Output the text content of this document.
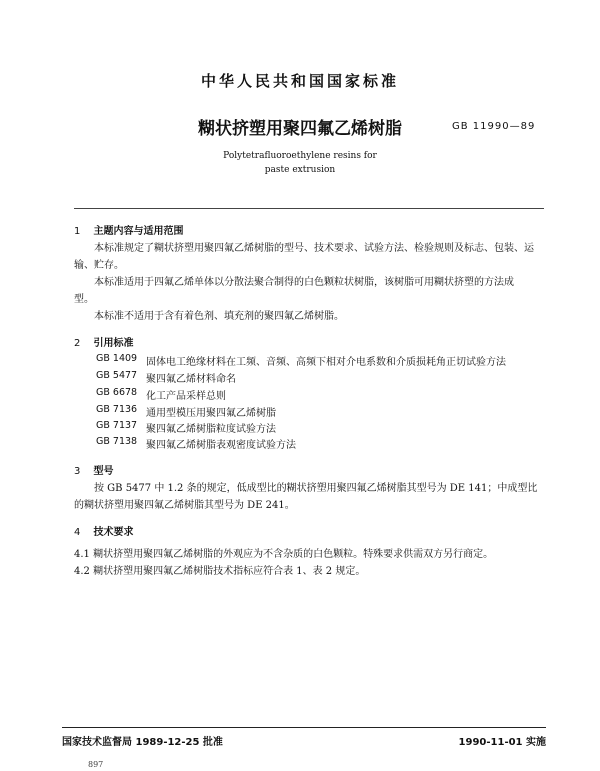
中华人民共和国国家标准
糊状挤塑用聚四氟乙烯树脂	GB 11990—89
Polytetrafluoroethylene resins for
paste extrusion
1 主题内容与适用范围
本标准规定了糊状挤塑用聚四氟乙烯树脂的型号、技术要求、试验方法、检验规则及标志、包装、运
输、贮存。
本标准适用于四氟乙烯单体以分散法聚合制得的白色颗粒状树脂，该树脂可用糊状挤塑的方法成
型。
本标准不适用于含有着色剂、填充剂的聚四氟乙烯树脂。
2 引用标准
GB 1409 固体电工绝缘材料在工频、音频、高频下相对介电系数和介质损耗角正切试验方法
GB 5477 聚四氟乙烯材料命名
GB 6678 化工产品采样总则
GB 7136 通用型模压用聚四氟乙烯树脂
GB 7137 聚四氟乙烯树脂粒度试验方法
GB 7138 聚四氟乙烯树脂表观密度试验方法
3 型号
按 GB 5477 中 1.2 条的规定，低成型比的糊状挤塑用聚四氟乙烯树脂其型号为 DE 141；中成型比
的糊状挤塑用聚四氟乙烯树脂其型号为 DE 241。
4 技术要求
4.1 糊状挤塑用聚四氟乙烯树脂的外观应为不含杂质的白色颗粒。特殊要求供需双方另行商定。
4.2 糊状挤塑用聚四氟乙烯树脂技术指标应符合表 1、表 2 规定。
国家技术监督局 1989-12-25 批准	1990-11-01 实施
897
